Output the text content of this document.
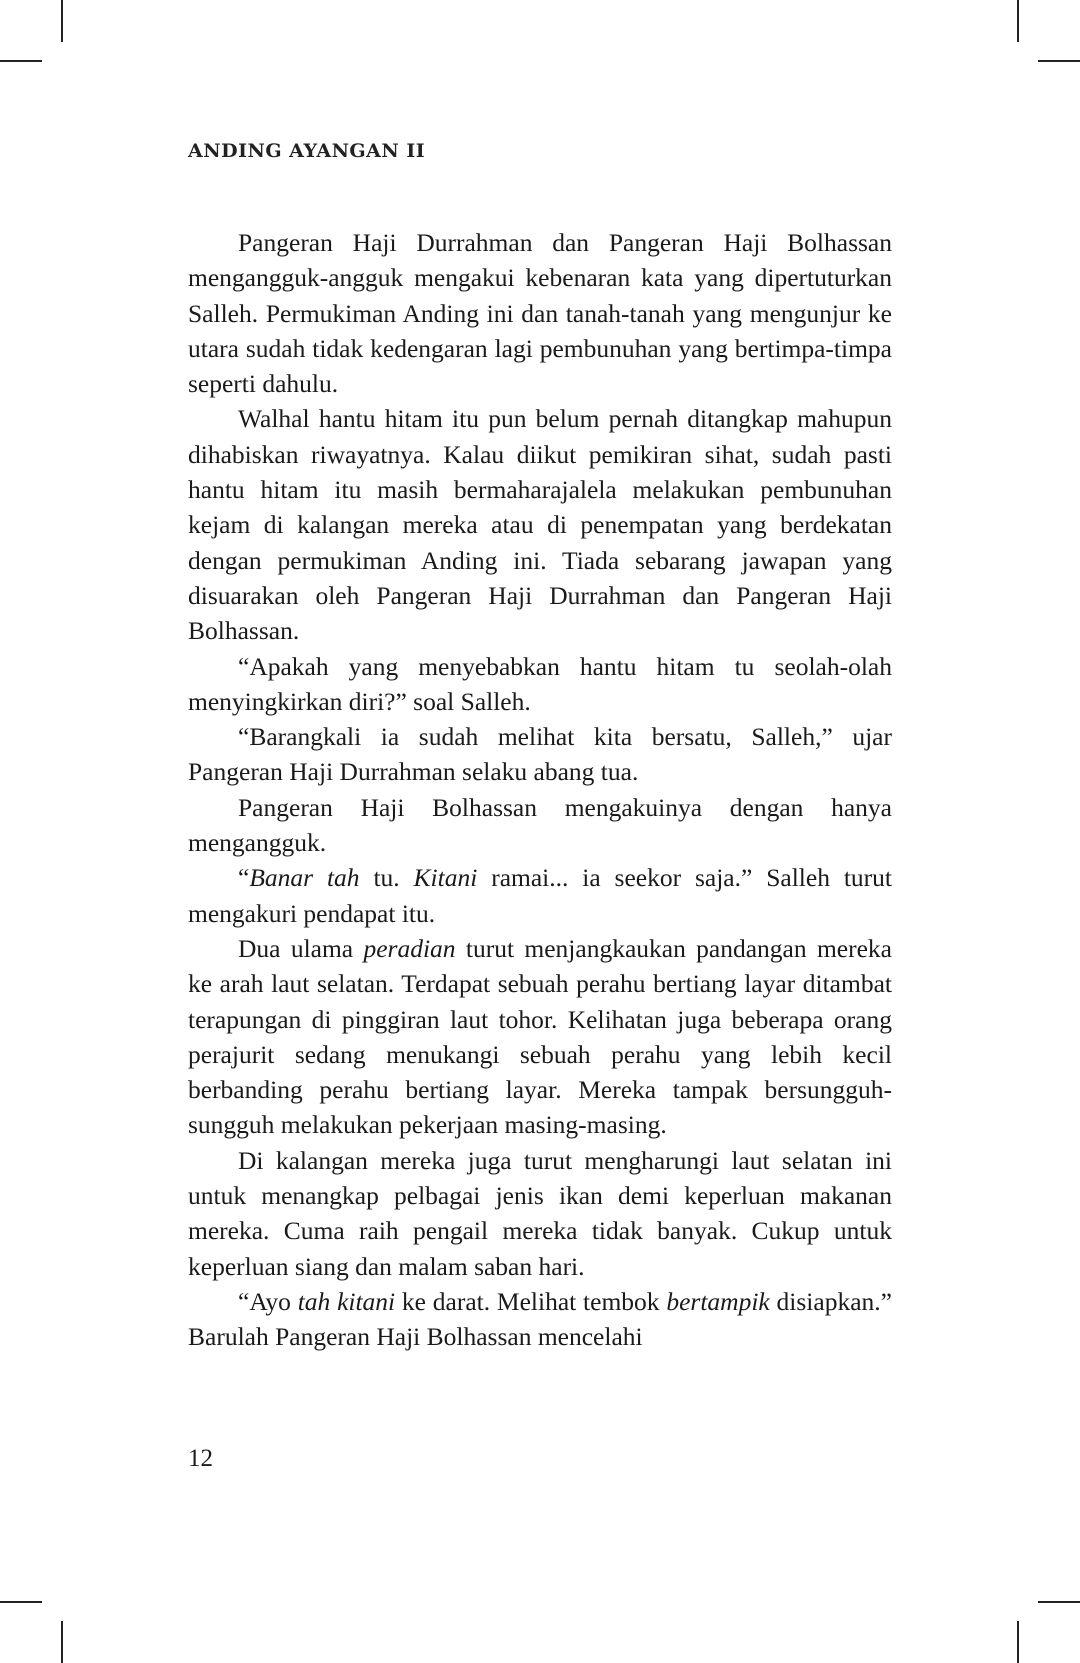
ANDING AYANGAN II

Pangeran Haji Durrahman dan Pangeran Haji Bolhassan mengangguk-angguk mengakui kebenaran kata yang dipertuturkan Salleh. Permukiman Anding ini dan tanah-tanah yang mengunjur ke utara sudah tidak kedengaran lagi pembunuhan yang bertimpa-timpa seperti dahulu.

Walhal hantu hitam itu pun belum pernah ditangkap mahupun dihabiskan riwayatnya. Kalau diikut pemikiran sihat, sudah pasti hantu hitam itu masih bermaharajalela melakukan pembunuhan kejam di kalangan mereka atau di penempatan yang berdekatan dengan permukiman Anding ini. Tiada sebarang jawapan yang disuarakan oleh Pangeran Haji Durrahman dan Pangeran Haji Bolhassan.

“Apakah yang menyebabkan hantu hitam tu seolah-olah menyingkirkan diri?” soal Salleh.

“Barangkali ia sudah melihat kita bersatu, Salleh,” ujar Pangeran Haji Durrahman selaku abang tua.

Pangeran Haji Bolhassan mengakuinya dengan hanya mengangguk.

“Banar tah tu. Kitani ramai... ia seekor saja.” Salleh turut mengakuri pendapat itu.

Dua ulama peradian turut menjangkaukan pandangan mereka ke arah laut selatan. Terdapat sebuah perahu bertiang layar ditambat terapungan di pinggiran laut tohor. Kelihatan juga beberapa orang perajurit sedang menukangi sebuah perahu yang lebih kecil berbanding perahu bertiang layar. Mereka tampak bersungguh-sungguh melakukan pekerjaan masing-masing.

Di kalangan mereka juga turut mengharungi laut selatan ini untuk menangkap pelbagai jenis ikan demi keperluan makanan mereka. Cuma raih pengail mereka tidak banyak. Cukup untuk keperluan siang dan malam saban hari.

“Ayo tah kitani ke darat. Melihat tembok bertampik disiapkan.” Barulah Pangeran Haji Bolhassan mencelahi

12
